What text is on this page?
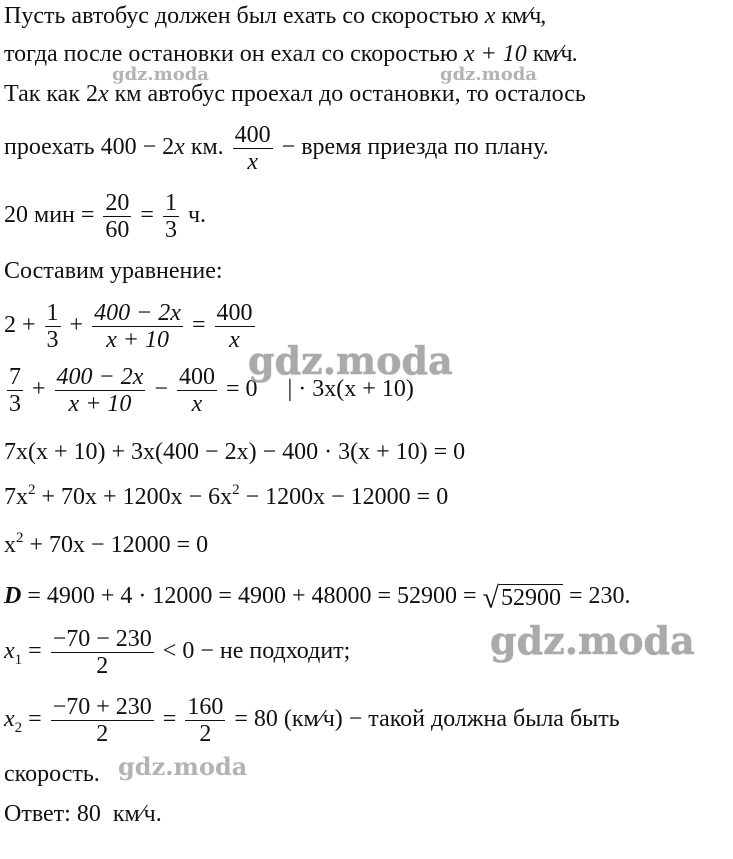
Пусть автобус должен был ехать со скоростью x км⁄ч,
тогда после остановки он ехал со скоростью x + 10 км⁄ч.
Так как 2x км автобус проехал до остановки, то осталось
проехать 400 − 2x км. $\frac{400}{x}$ − время приезда по плану.
20 мин = $\frac{20}{60} = \frac{1}{3} ч$.
Составим уравнение:
$2 + \frac{1}{3} + \frac{400 - 2x}{x + 10} = \frac{400}{x}$
$\frac{7}{3} + \frac{400 - 2x}{x + 10} - \frac{400}{x} = 0$     | · 3x(x + 10)
7x(x + 10) + 3x(400 − 2x) − 400 · 3(x + 10) = 0
$7x^2 + 70x + 1200x - 6x^2 - 1200x - 12000 = 0$
$x^2 + 70x - 12000 = 0$
D = 4900 + 4 · 12000 = 4900 + 48000 = 52900 = √52900 = 230.
$x_1 = \frac{-70 - 230}{2} < 0$ − не подходит;
$x_2 = \frac{-70 + 230}{2} = \frac{160}{2} = 80$ (км⁄ч) − такой должна была быть
скорость.
Ответ: 80  км⁄ч.
gdz.moda	gdz.moda
gdz.moda
gdz.moda
gdz.moda
